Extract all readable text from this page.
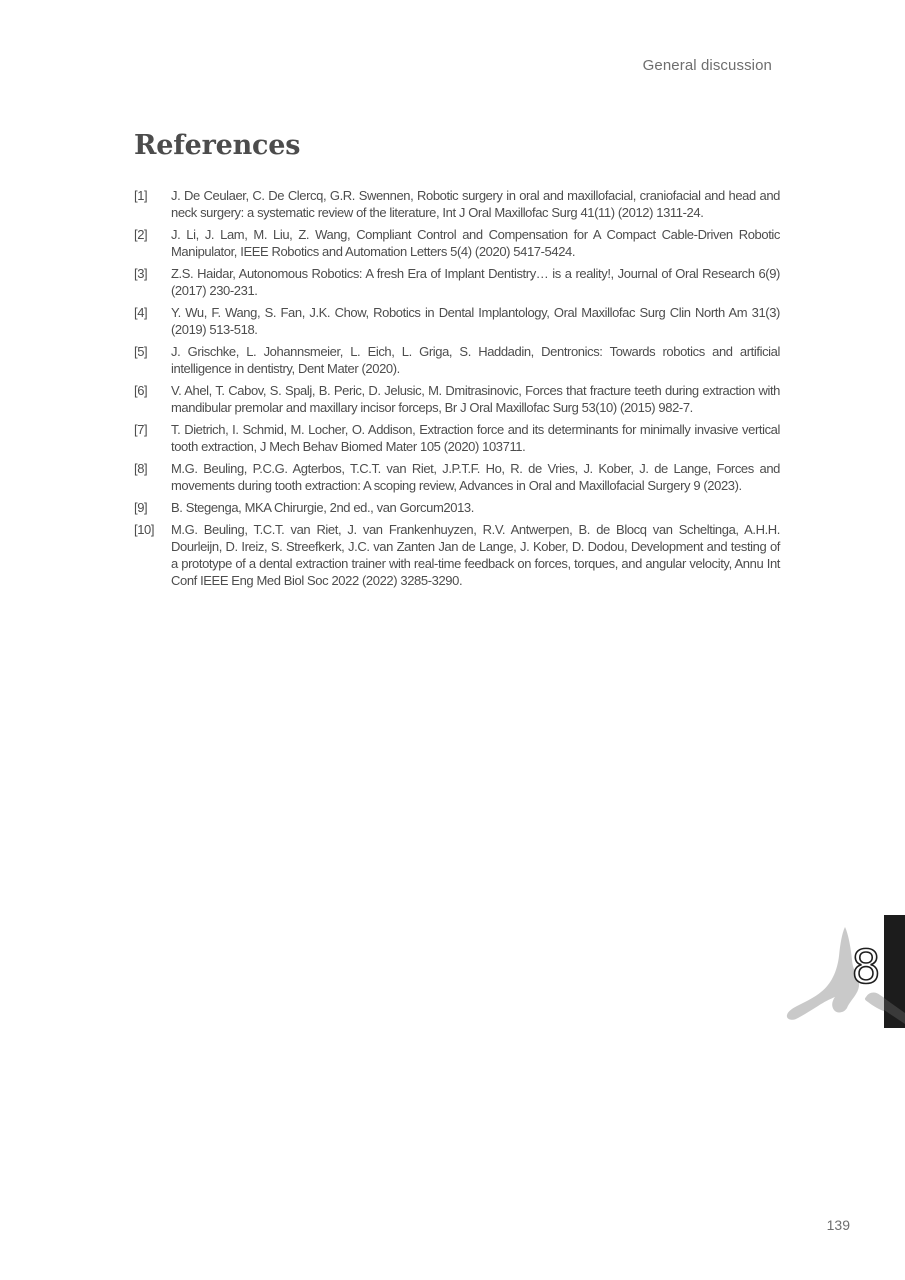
General discussion
References
[1]	J. De Ceulaer, C. De Clercq, G.R. Swennen, Robotic surgery in oral and maxillofacial, craniofacial and head and neck surgery: a systematic review of the literature, Int J Oral Maxillofac Surg 41(11) (2012) 1311-24.
[2]	J. Li, J. Lam, M. Liu, Z. Wang, Compliant Control and Compensation for A Compact Cable-Driven Robotic Manipulator, IEEE Robotics and Automation Letters 5(4) (2020) 5417-5424.
[3]	Z.S. Haidar, Autonomous Robotics: A fresh Era of Implant Dentistry… is a reality!, Journal of Oral Research 6(9) (2017) 230-231.
[4]	Y. Wu, F. Wang, S. Fan, J.K. Chow, Robotics in Dental Implantology, Oral Maxillofac Surg Clin North Am 31(3) (2019) 513-518.
[5]	J. Grischke, L. Johannsmeier, L. Eich, L. Griga, S. Haddadin, Dentronics: Towards robotics and artificial intelligence in dentistry, Dent Mater (2020).
[6]	V. Ahel, T. Cabov, S. Spalj, B. Peric, D. Jelusic, M. Dmitrasinovic, Forces that fracture teeth during extraction with mandibular premolar and maxillary incisor forceps, Br J Oral Maxillofac Surg 53(10) (2015) 982-7.
[7]	T. Dietrich, I. Schmid, M. Locher, O. Addison, Extraction force and its determinants for minimally invasive vertical tooth extraction, J Mech Behav Biomed Mater 105 (2020) 103711.
[8]	M.G. Beuling, P.C.G. Agterbos, T.C.T. van Riet, J.P.T.F. Ho, R. de Vries, J. Kober, J. de Lange, Forces and movements during tooth extraction: A scoping review, Advances in Oral and Maxillofacial Surgery 9 (2023).
[9]	B. Stegenga, MKA Chirurgie, 2nd ed., van Gorcum2013.
[10]	M.G. Beuling, T.C.T. van Riet, J. van Frankenhuyzen, R.V. Antwerpen, B. de Blocq van Scheltinga, A.H.H. Dourleijn, D. Ireiz, S. Streefkerk, J.C. van Zanten Jan de Lange, J. Kober, D. Dodou, Development and testing of a prototype of a dental extraction trainer with real-time feedback on forces, torques, and angular velocity, Annu Int Conf IEEE Eng Med Biol Soc 2022 (2022) 3285-3290.
8
139
